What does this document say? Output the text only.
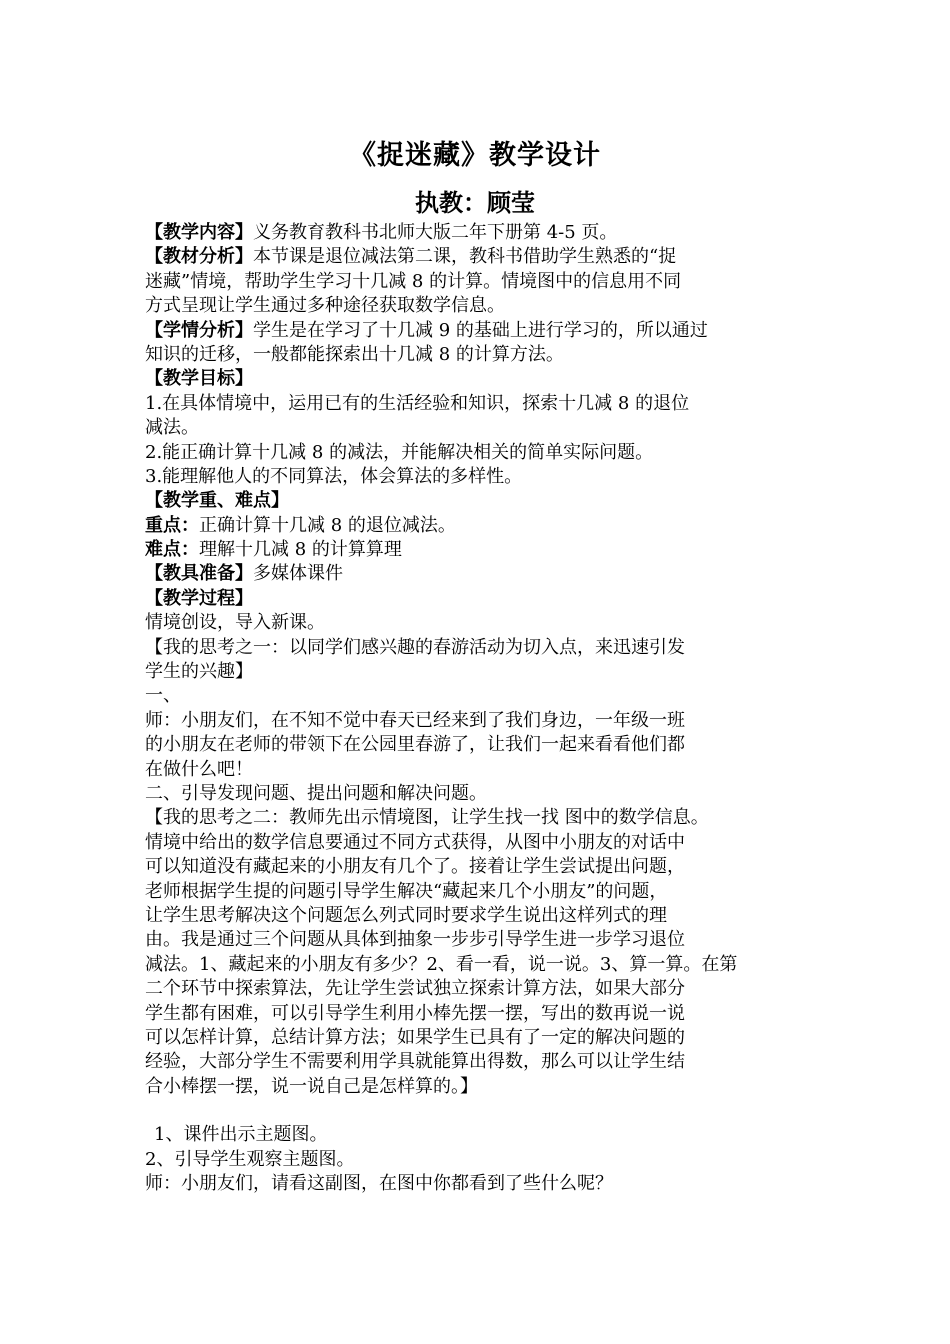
《捉迷藏》教学设计
执教：顾莹
【教学内容】义务教育教科书北师大版二年下册第 4-5 页。
【教材分析】本节课是退位减法第二课，教科书借助学生熟悉的“捉
迷藏”情境，帮助学生学习十几减 8 的计算。情境图中的信息用不同
方式呈现让学生通过多种途径获取数学信息。
【学情分析】学生是在学习了十几减 9 的基础上进行学习的，所以通过
知识的迁移，一般都能探索出十几减 8 的计算方法。
【教学目标】
1.在具体情境中，运用已有的生活经验和知识，探索十几减 8 的退位
减法。
2.能正确计算十几减 8 的减法，并能解决相关的简单实际问题。
3.能理解他人的不同算法，体会算法的多样性。
【教学重、难点】
重点：正确计算十几减 8 的退位减法。
难点：理解十几减 8 的计算算理
【教具准备】多媒体课件
【教学过程】
情境创设，导入新课。
【我的思考之一：以同学们感兴趣的春游活动为切入点，来迅速引发
学生的兴趣】
一、
师：小朋友们，在不知不觉中春天已经来到了我们身边，一年级一班
的小朋友在老师的带领下在公园里春游了，让我们一起来看看他们都
在做什么吧！
二、引导发现问题、提出问题和解决问题。
【我的思考之二：教师先出示情境图，让学生找一找 图中的数学信息。
情境中给出的数学信息要通过不同方式获得，从图中小朋友的对话中
可以知道没有藏起来的小朋友有几个了。接着让学生尝试提出问题，
老师根据学生提的问题引导学生解决“藏起来几个小朋友”的问题，
让学生思考解决这个问题怎么列式同时要求学生说出这样列式的理
由。我是通过三个问题从具体到抽象一步步引导学生进一步学习退位
减法。1、藏起来的小朋友有多少？2、看一看，说一说。3、算一算。在第
二个环节中探索算法，先让学生尝试独立探索计算方法，如果大部分
学生都有困难，可以引导学生利用小棒先摆一摆，写出的数再说一说
可以怎样计算，总结计算方法；如果学生已具有了一定的解决问题的
经验，大部分学生不需要利用学具就能算出得数，那么可以让学生结
合小棒摆一摆，说一说自己是怎样算的。】
1、课件出示主题图。
2、引导学生观察主题图。
师：小朋友们，请看这副图，在图中你都看到了些什么呢？
